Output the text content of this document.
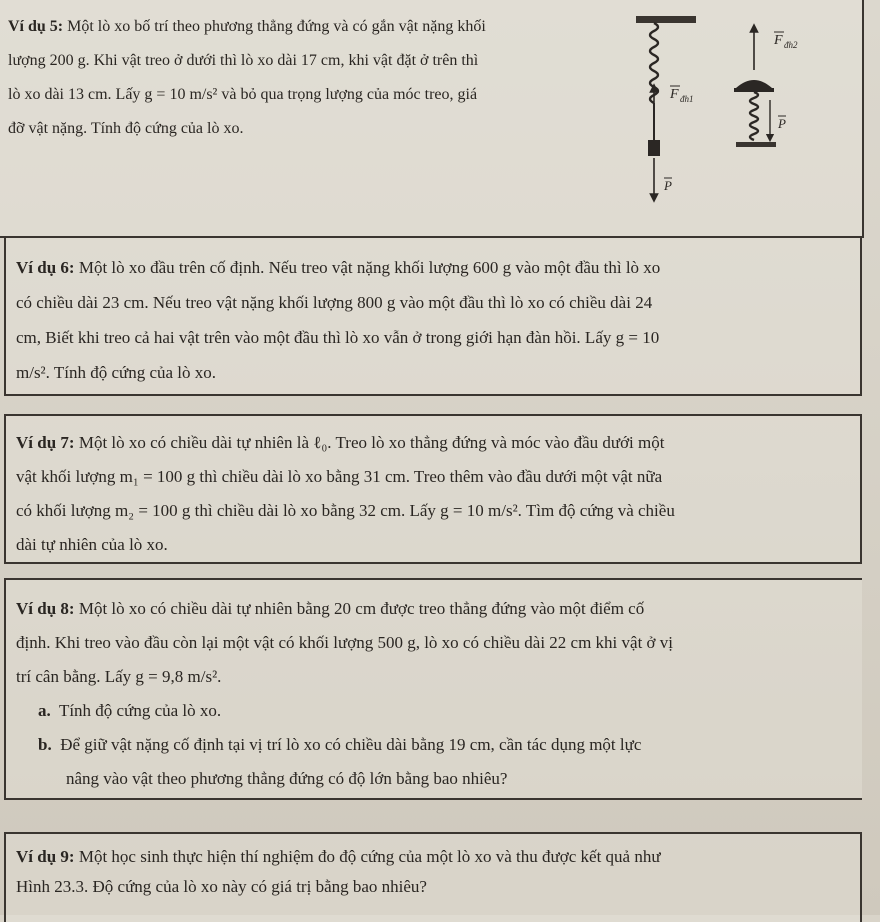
Ví dụ 5: Một lò xo bố trí theo phương thẳng đứng và có gắn vật nặng khối

lượng 200 g. Khi vật treo ở dưới thì lò xo dài 17 cm, khi vật đặt ở trên thì

lò xo dài 13 cm. Lấy g = 10 m/s² và bỏ qua trọng lượng của móc treo, giá

đỡ vật nặng. Tính độ cứng của lò xo.

F đh1
P
F đh2
P

Ví dụ 6: Một lò xo đầu trên cố định. Nếu treo vật nặng khối lượng 600 g vào một đầu thì lò xo

có chiều dài 23 cm. Nếu treo vật nặng khối lượng 800 g vào một đầu thì lò xo có chiều dài 24

cm, Biết khi treo cả hai vật trên vào một đầu thì lò xo vẫn ở trong giới hạn đàn hồi. Lấy g = 10

m/s². Tính độ cứng của lò xo.

Ví dụ 7: Một lò xo có chiều dài tự nhiên là ℓ₀. Treo lò xo thẳng đứng và móc vào đầu dưới một

vật khối lượng m₁ = 100 g thì chiều dài lò xo bằng 31 cm. Treo thêm vào đầu dưới một vật nữa

có khối lượng m₂ = 100 g thì chiều dài lò xo bằng 32 cm. Lấy g = 10 m/s². Tìm độ cứng và chiều

dài tự nhiên của lò xo.

Ví dụ 8: Một lò xo có chiều dài tự nhiên bằng 20 cm được treo thẳng đứng vào một điểm cố

định. Khi treo vào đầu còn lại một vật có khối lượng 500 g, lò xo có chiều dài 22 cm khi vật ở vị

trí cân bằng. Lấy g = 9,8 m/s².

a. Tính độ cứng của lò xo.

b. Để giữ vật nặng cố định tại vị trí lò xo có chiều dài bằng 19 cm, cần tác dụng một lực

nâng vào vật theo phương thẳng đứng có độ lớn bằng bao nhiêu?

Ví dụ 9: Một học sinh thực hiện thí nghiệm đo độ cứng của một lò xo và thu được kết quả như

Hình 23.3. Độ cứng của lò xo này có giá trị bằng bao nhiêu?
